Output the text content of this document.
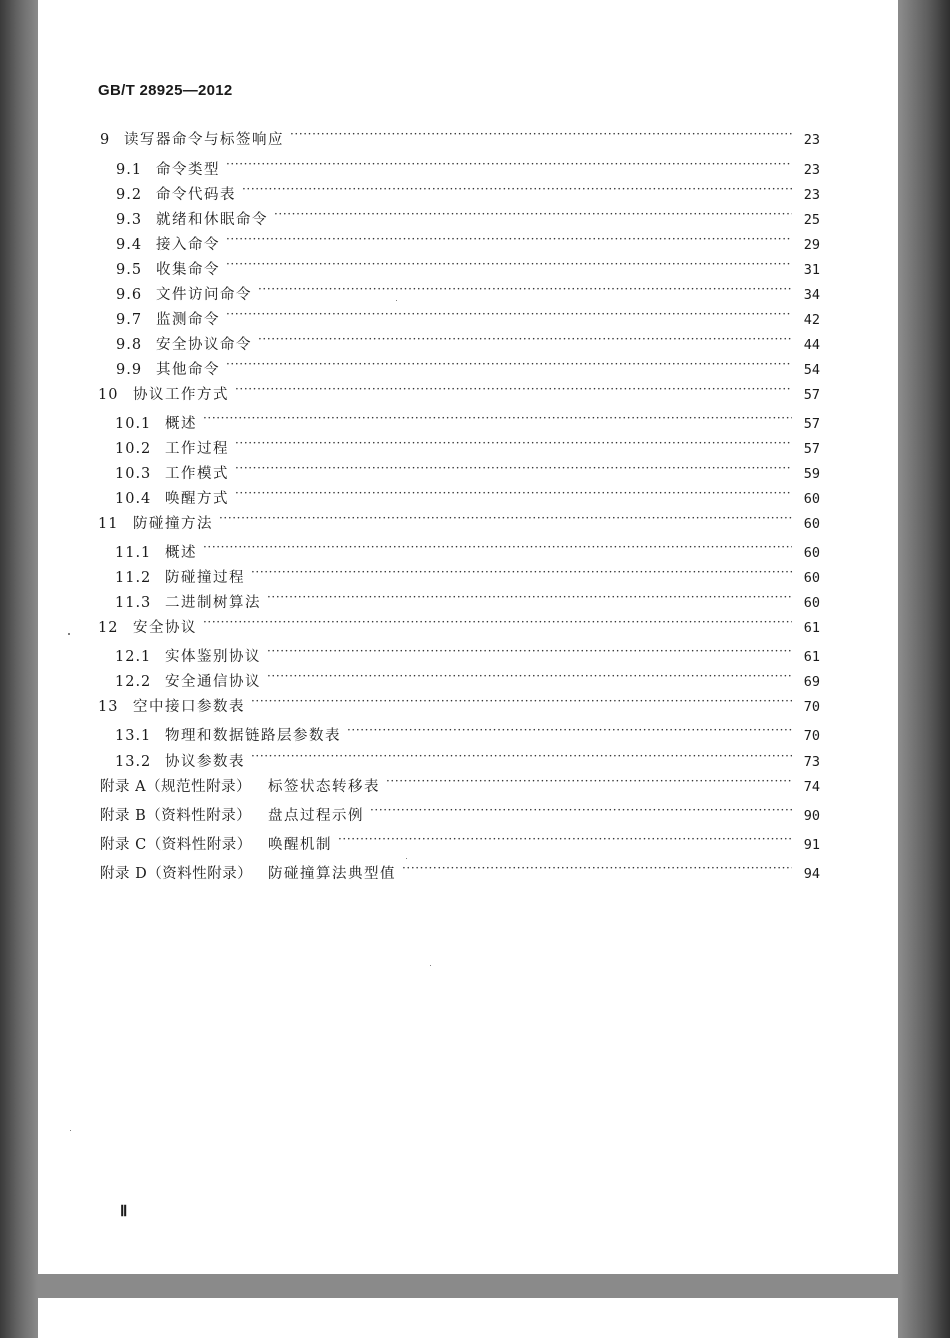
GB/T 28925—2012

9 读写器命令与标签响应 ·····	23
9.1 命令类型 ·····	23
9.2 命令代码表 ·····	23
9.3 就绪和休眠命令 ·····	25
9.4 接入命令 ·····	29
9.5 收集命令 ·····	31
9.6 文件访问命令 ·····	34
9.7 监测命令 ·····	42
9.8 安全协议命令 ·····	44
9.9 其他命令 ·····	54
10	协议工作方式 ·····	57
10.1 概述 ·····	57
10.2 工作过程 ·····	57
10.3 工作模式 ·····	59
10.4 唤醒方式 ·····	60
11	防碰撞方法 ·····	60
11.1 概述 ·····	60
11.2 防碰撞过程 ·····	60
11.3 二进制树算法 ·····	60
12	安全协议 ·····	61
12.1 实体鉴别协议 ·····	61
12.2 安全通信协议 ·····	69
13	空中接口参数表 ·····	70
13.1 物理和数据链路层参数表 ·····	70
13.2 协议参数表 ·····	73
附录 A（规范性附录）	标签状态转移表 ·····	74
附录 B（资料性附录）	盘点过程示例 ·····	90
附录 C（资料性附录）	唤醒机制 ·····	91
附录 D（资料性附录）	防碰撞算法典型值 ·····	94

Ⅱ
